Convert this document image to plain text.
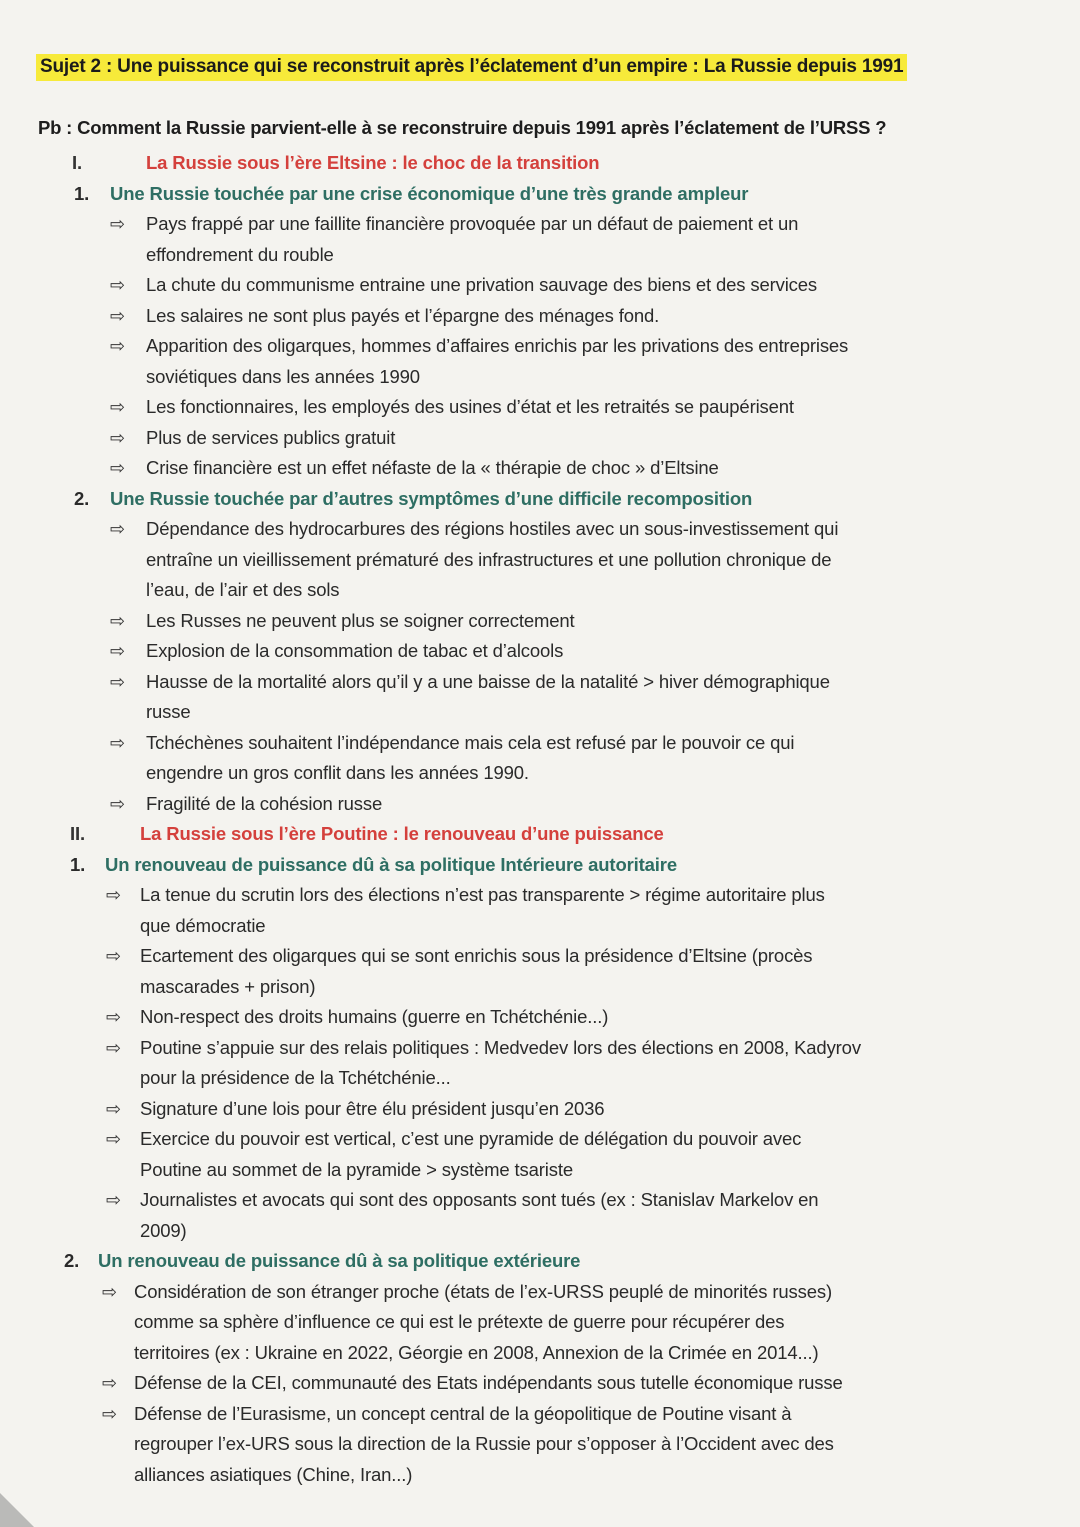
Sujet 2 : Une puissance qui se reconstruit après l’éclatement d’un empire : La Russie depuis 1991
Pb : Comment la Russie parvient-elle à se reconstruire depuis 1991 après l’éclatement de l’URSS ?
I.	La Russie sous l’ère Eltsine : le choc de la transition
1. Une Russie touchée par une crise économique d’une très grande ampleur
⇨ Pays frappé par une faillite financière provoquée par un défaut de paiement et un
effondrement du rouble
⇨ La chute du communisme entraine une privation sauvage des biens et des services
⇨ Les salaires ne sont plus payés et l’épargne des ménages fond.
⇨ Apparition des oligarques, hommes d’affaires enrichis par les privations des entreprises
soviétiques dans les années 1990
⇨ Les fonctionnaires, les employés des usines d’état et les retraités se paupérisent
⇨ Plus de services publics gratuit
⇨ Crise financière est un effet néfaste de la « thérapie de choc » d’Eltsine
2. Une Russie touchée par d’autres symptômes d’une difficile recomposition
⇨ Dépendance des hydrocarbures des régions hostiles avec un sous-investissement qui
entraîne un vieillissement prématuré des infrastructures et une pollution chronique de
l’eau, de l’air et des sols
⇨ Les Russes ne peuvent plus se soigner correctement
⇨ Explosion de la consommation de tabac et d’alcools
⇨ Hausse de la mortalité alors qu’il y a une baisse de la natalité > hiver démographique
russe
⇨ Tchéchènes souhaitent l’indépendance mais cela est refusé par le pouvoir ce qui
engendre un gros conflit dans les années 1990.
⇨ Fragilité de la cohésion russe
II.	La Russie sous l’ère Poutine : le renouveau d’une puissance
1. Un renouveau de puissance dû à sa politique Intérieure autoritaire
⇨ La tenue du scrutin lors des élections n’est pas transparente > régime autoritaire plus
que démocratie
⇨ Ecartement des oligarques qui se sont enrichis sous la présidence d’Eltsine (procès
mascarades + prison)
⇨ Non-respect des droits humains (guerre en Tchétchénie...)
⇨ Poutine s’appuie sur des relais politiques : Medvedev lors des élections en 2008, Kadyrov
pour la présidence de la Tchétchénie...
⇨ Signature d’une lois pour être élu président jusqu’en 2036
⇨ Exercice du pouvoir est vertical, c’est une pyramide de délégation du pouvoir avec
Poutine au sommet de la pyramide > système tsariste
⇨ Journalistes et avocats qui sont des opposants sont tués (ex : Stanislav Markelov en
2009)
2. Un renouveau de puissance dû à sa politique extérieure
⇨ Considération de son étranger proche (états de l’ex-URSS peuplé de minorités russes)
comme sa sphère d’influence ce qui est le prétexte de guerre pour récupérer des
territoires (ex : Ukraine en 2022, Géorgie en 2008, Annexion de la Crimée en 2014...)
⇨ Défense de la CEI, communauté des Etats indépendants sous tutelle économique russe
⇨ Défense de l’Eurasisme, un concept central de la géopolitique de Poutine visant à
regrouper l’ex-URS sous la direction de la Russie pour s’opposer à l’Occident avec des
alliances asiatiques (Chine, Iran...)
